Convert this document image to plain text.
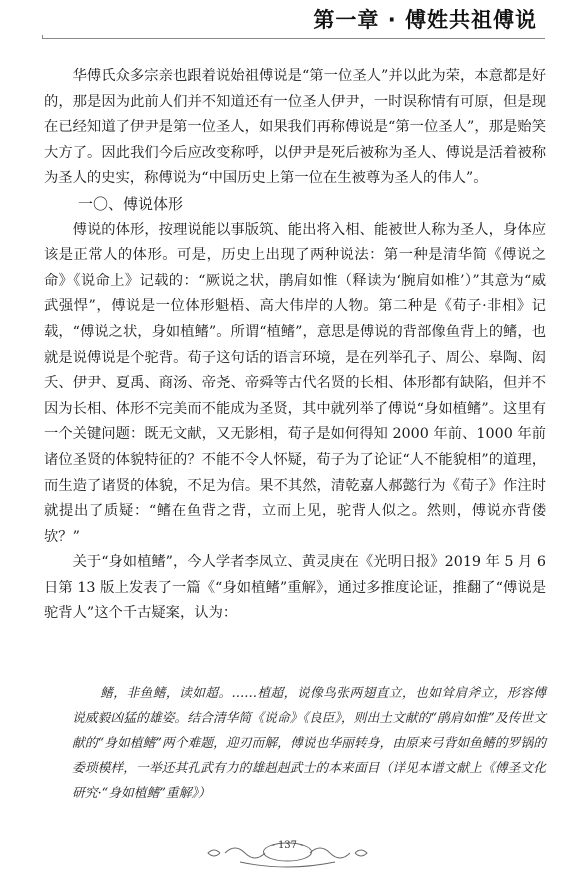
第一章 · 傅姓共祖傅说

华傅氏众多宗亲也跟着说始祖傅说是“第一位圣人”并以此为荣，本意都是好的，那是因为此前人们并不知道还有一位圣人伊尹，一时误称情有可原，但是现在已经知道了伊尹是第一位圣人，如果我们再称傅说是“第一位圣人”，那是贻笑大方了。因此我们今后应改变称呼，以伊尹是死后被称为圣人、傅说是活着被称为圣人的史实，称傅说为“中国历史上第一位在生被尊为圣人的伟人”。

一〇、傅说体形

傅说的体形，按理说能以事版筑、能出将入相、能被世人称为圣人，身体应该是正常人的体形。可是，历史上出现了两种说法：第一种是清华简《傅说之命》《说命上》记载的：“厥说之状，鹃肩如惟（释读为‘腕肩如椎’）”其意为“威武强悍”，傅说是一位体形魁梧、高大伟岸的人物。第二种是《荀子·非相》记载，“傅说之状，身如植鳍”。所谓“植鳍”，意思是傅说的背部像鱼背上的鳍，也就是说傅说是个驼背。荀子这句话的语言环境，是在列举孔子、周公、皋陶、闳夭、伊尹、夏禹、商汤、帝尧、帝舜等古代名贤的长相、体形都有缺陷，但并不因为长相、体形不完美而不能成为圣贤，其中就列举了傅说“身如植鳍”。这里有一个关键问题：既无文献，又无影相，荀子是如何得知 2000 年前、1000 年前诸位圣贤的体貌特征的？不能不令人怀疑，荀子为了论证“人不能貌相”的道理，而生造了诸贤的体貌，不足为信。果不其然，清乾嘉人郝懿行为《荀子》作注时就提出了质疑：“鳍在鱼背之背，立而上见，驼背人似之。然则，傅说亦背偻欤？”

关于“身如植鳍”，今人学者李凤立、黄灵庚在《光明日报》2019 年 5 月 6 日第 13 版上发表了一篇《“身如植鳍”重解》，通过多推度论证，推翻了“傅说是驼背人”这个千古疑案，认为：

鳍，非鱼鳍，读如超。……植超，说像鸟张两翅直立，也如耸肩斧立，形容傅说威毅凶猛的雄姿。结合清华简《说命》《良臣》，则出土文献的“鹃肩如惟”及传世文献的“身如植鳍”两个难题，迎刃而解，傅说也华丽转身，由原来弓背如鱼鳍的罗锅的委琐模样，一举还其孔武有力的雄赳赳武士的本来面目（详见本谱文献上《傅圣文化研究·“身如植鳍”重解》）

- 137 -
